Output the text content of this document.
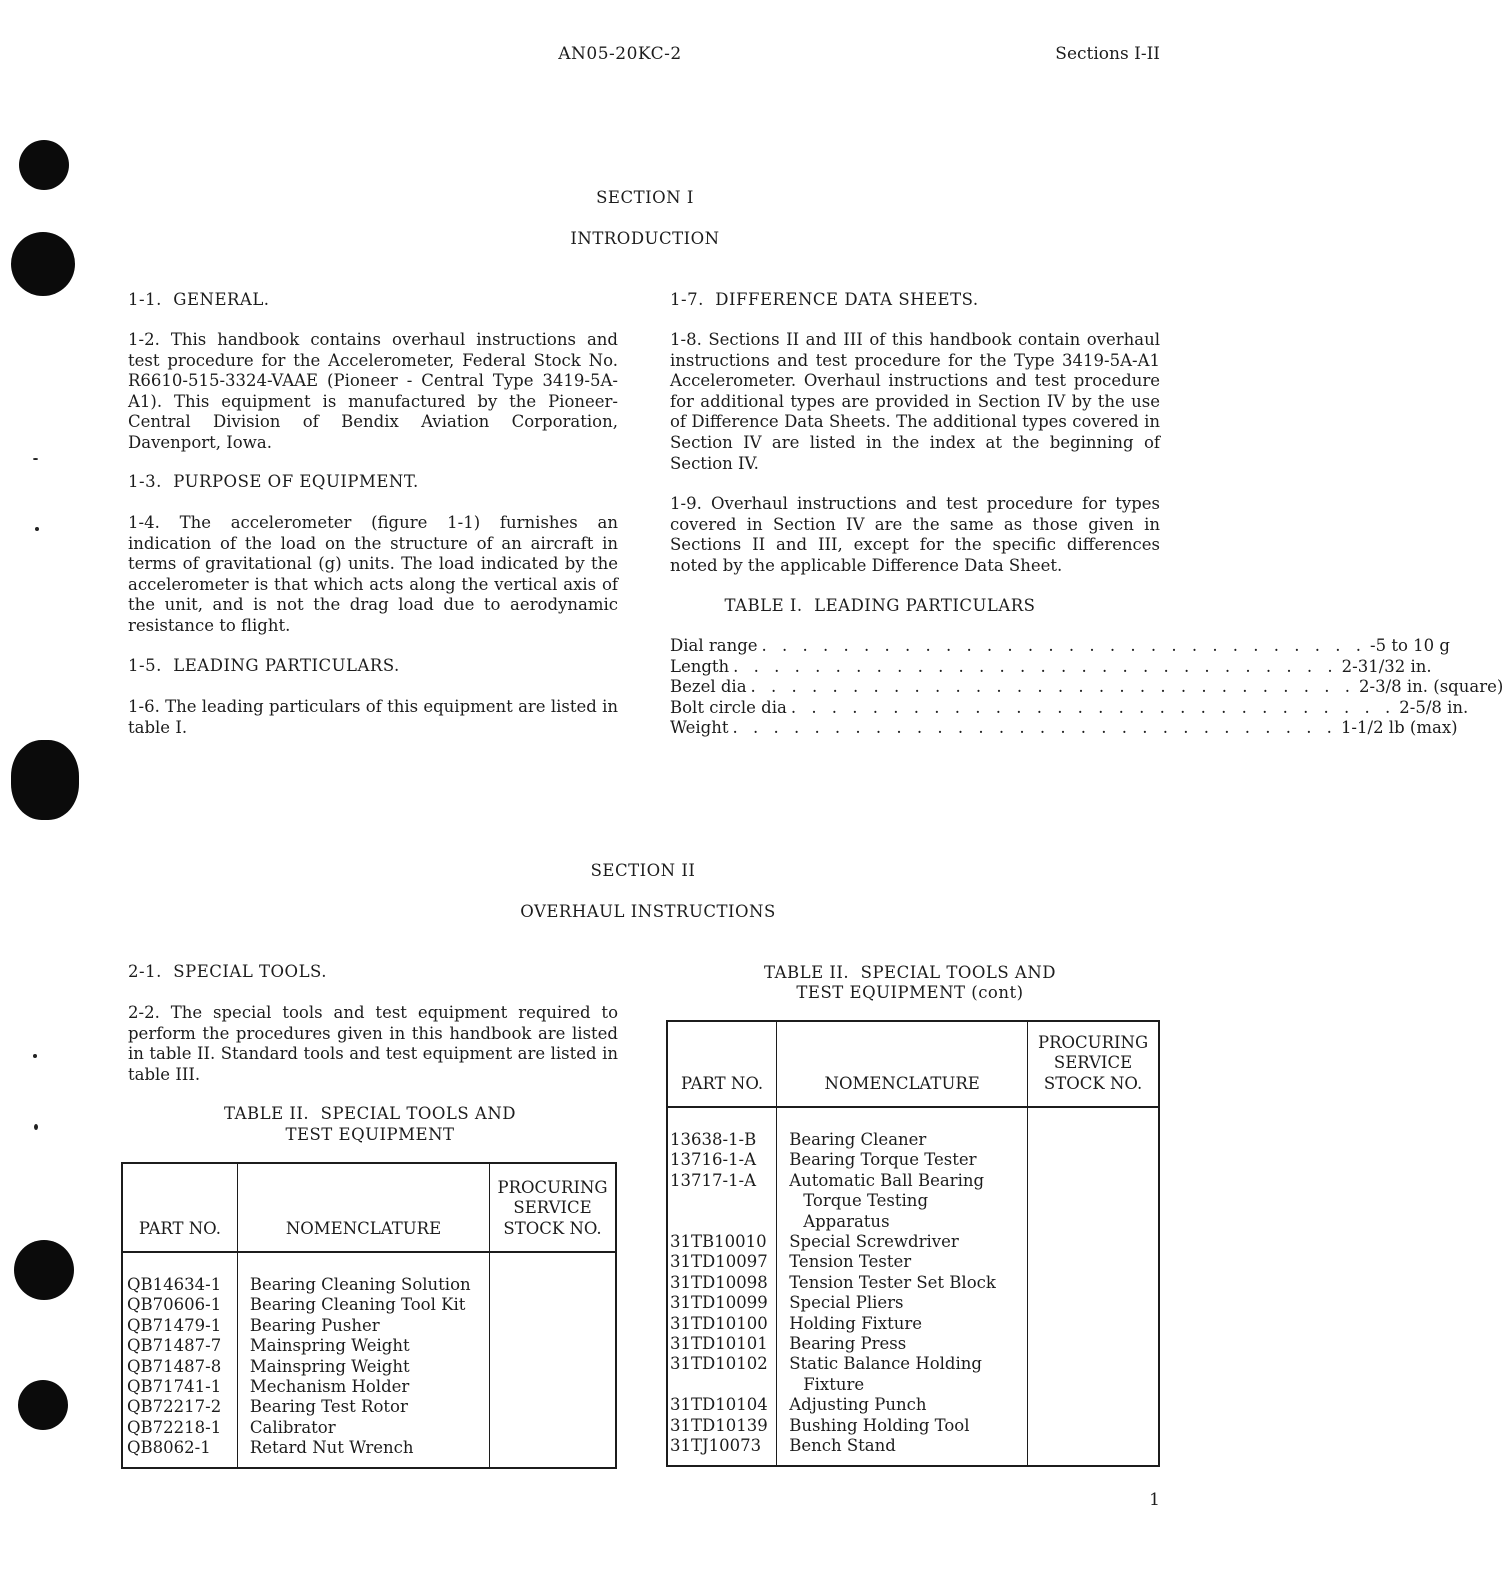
AN05-20KC-2	Sections I-II
SECTION I
INTRODUCTION
1-1.  GENERAL.
1-2. This handbook contains overhaul instructions and test procedure for the Accelerometer, Federal Stock No. R6610-515-3324-VAAE (Pioneer - Central Type 3419-5A-A1). This equipment is manufactured by the Pioneer-Central Division of Bendix Aviation Corporation, Davenport, Iowa.
1-3.  PURPOSE OF EQUIPMENT.
1-4. The accelerometer (figure 1-1) furnishes an indication of the load on the structure of an aircraft in terms of gravitational (g) units. The load indicated by the accelerometer is that which acts along the vertical axis of the unit, and is not the drag load due to aerodynamic resistance to flight.
1-5.  LEADING PARTICULARS.
1-6. The leading particulars of this equipment are listed in table I.
1-7.  DIFFERENCE DATA SHEETS.
1-8. Sections II and III of this handbook contain overhaul instructions and test procedure for the Type 3419-5A-A1 Accelerometer. Overhaul instructions and test procedure for additional types are provided in Section IV by the use of Difference Data Sheets. The additional types covered in Section IV are listed in the index at the beginning of Section IV.
1-9. Overhaul instructions and test procedure for types covered in Section IV are the same as those given in Sections II and III, except for the specific differences noted by the applicable Difference Data Sheet.
TABLE I.  LEADING PARTICULARS
Dial range . . . . . . . . . . . . . . . . . . . . . . . . . . . . . . -5 to 10 g
Length . . . . . . . . . . . . . . . . . . . . . . . . . . . . . . 2-31/32 in.
Bezel dia . . . . . . . . . . . . . . . . . . . . . . . . . . . . . . 2-3/8 in. (square)
Bolt circle dia . . . . . . . . . . . . . . . . . . . . . . . . . . . . . . 2-5/8 in.
Weight . . . . . . . . . . . . . . . . . . . . . . . . . . . . . . 1-1/2 lb (max)
SECTION II
OVERHAUL INSTRUCTIONS
2-1.  SPECIAL TOOLS.
2-2. The special tools and test equipment required to perform the procedures given in this handbook are listed in table II. Standard tools and test equipment are listed in table III.
TABLE II.  SPECIAL TOOLS AND
TEST EQUIPMENT
PART NO.	NOMENCLATURE	PROCURING
SERVICE
STOCK NO.

QB14634-1	Bearing Cleaning Solution	
QB70606-1	Bearing Cleaning Tool Kit	
QB71479-1	Bearing Pusher	
QB71487-7	Mainspring Weight	
QB71487-8	Mainspring Weight	
QB71741-1	Mechanism Holder	
QB72217-2	Bearing Test Rotor	
QB72218-1	Calibrator	
QB8062-1	Retard Nut Wrench	
TABLE II.  SPECIAL TOOLS AND
TEST EQUIPMENT (cont)
PART NO.	NOMENCLATURE	PROCURING
SERVICE
STOCK NO.

13638-1-B	Bearing Cleaner	
13716-1-A	Bearing Torque Tester	
13717-1-A	Automatic Ball Bearing
Torque Testing
Apparatus	

31TB10010	Special Screwdriver	
31TD10097	Tension Tester	
31TD10098	Tension Tester Set Block	
31TD10099	Special Pliers	
31TD10100	Holding Fixture	
31TD10101	Bearing Press	
31TD10102	Static Balance Holding
Fixture	

31TD10104	Adjusting Punch	
31TD10139	Bushing Holding Tool	
31TJ10073	Bench Stand	
1
